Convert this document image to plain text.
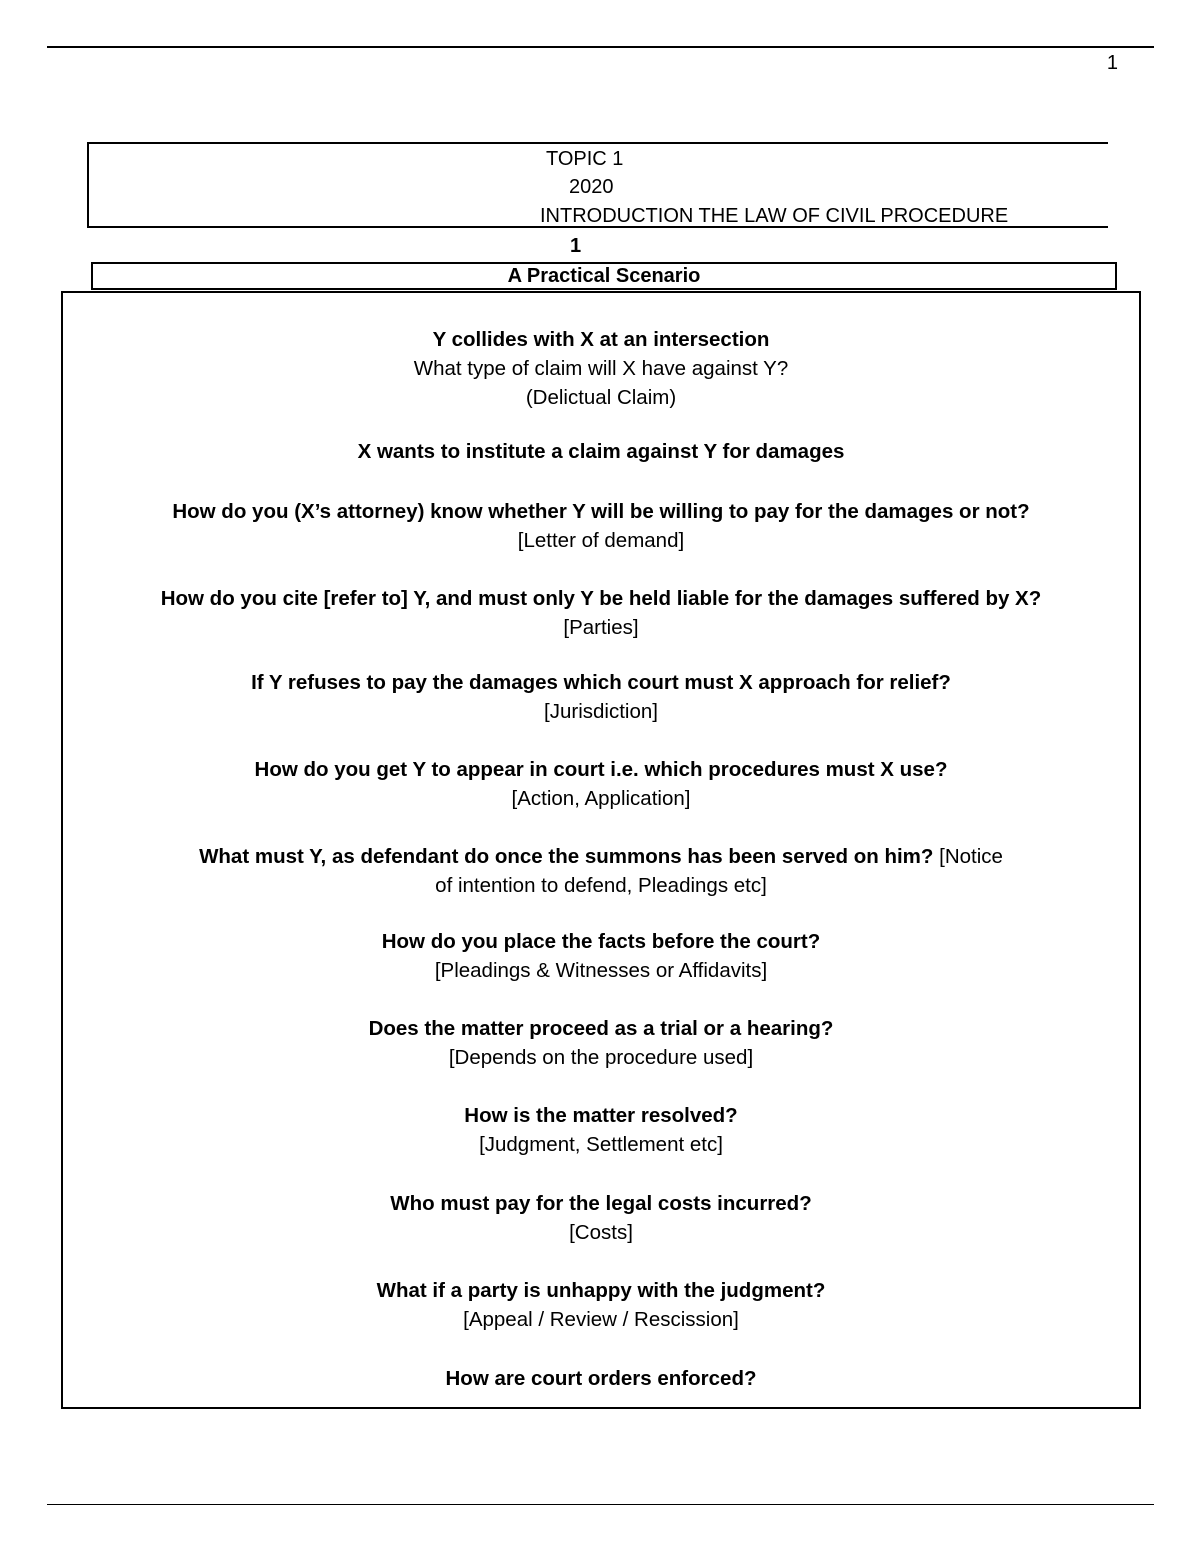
1
TOPIC 1
2020
INTRODUCTION THE LAW OF CIVIL PROCEDURE
1
A Practical Scenario
Y collides with X at an intersection
What type of claim will X have against Y?
(Delictual Claim)
X wants to institute a claim against Y for damages
How do you (X’s attorney) know whether Y will be willing to pay for the damages or not?
[Letter of demand]
How do you cite [refer to] Y, and must only Y be held liable for the damages suffered by X?
[Parties]
If Y refuses to pay the damages which court must X approach for relief?
[Jurisdiction]
How do you get Y to appear in court i.e. which procedures must X use?
[Action, Application]
What must Y, as defendant do once the summons has been served on him? [Notice
of intention to defend, Pleadings etc]
How do you place the facts before the court?
[Pleadings & Witnesses or Affidavits]
Does the matter proceed as a trial or a hearing?
[Depends on the procedure used]
How is the matter resolved?
[Judgment, Settlement etc]
Who must pay for the legal costs incurred?
[Costs]
What if a party is unhappy with the judgment?
[Appeal / Review / Rescission]
How are court orders enforced?
